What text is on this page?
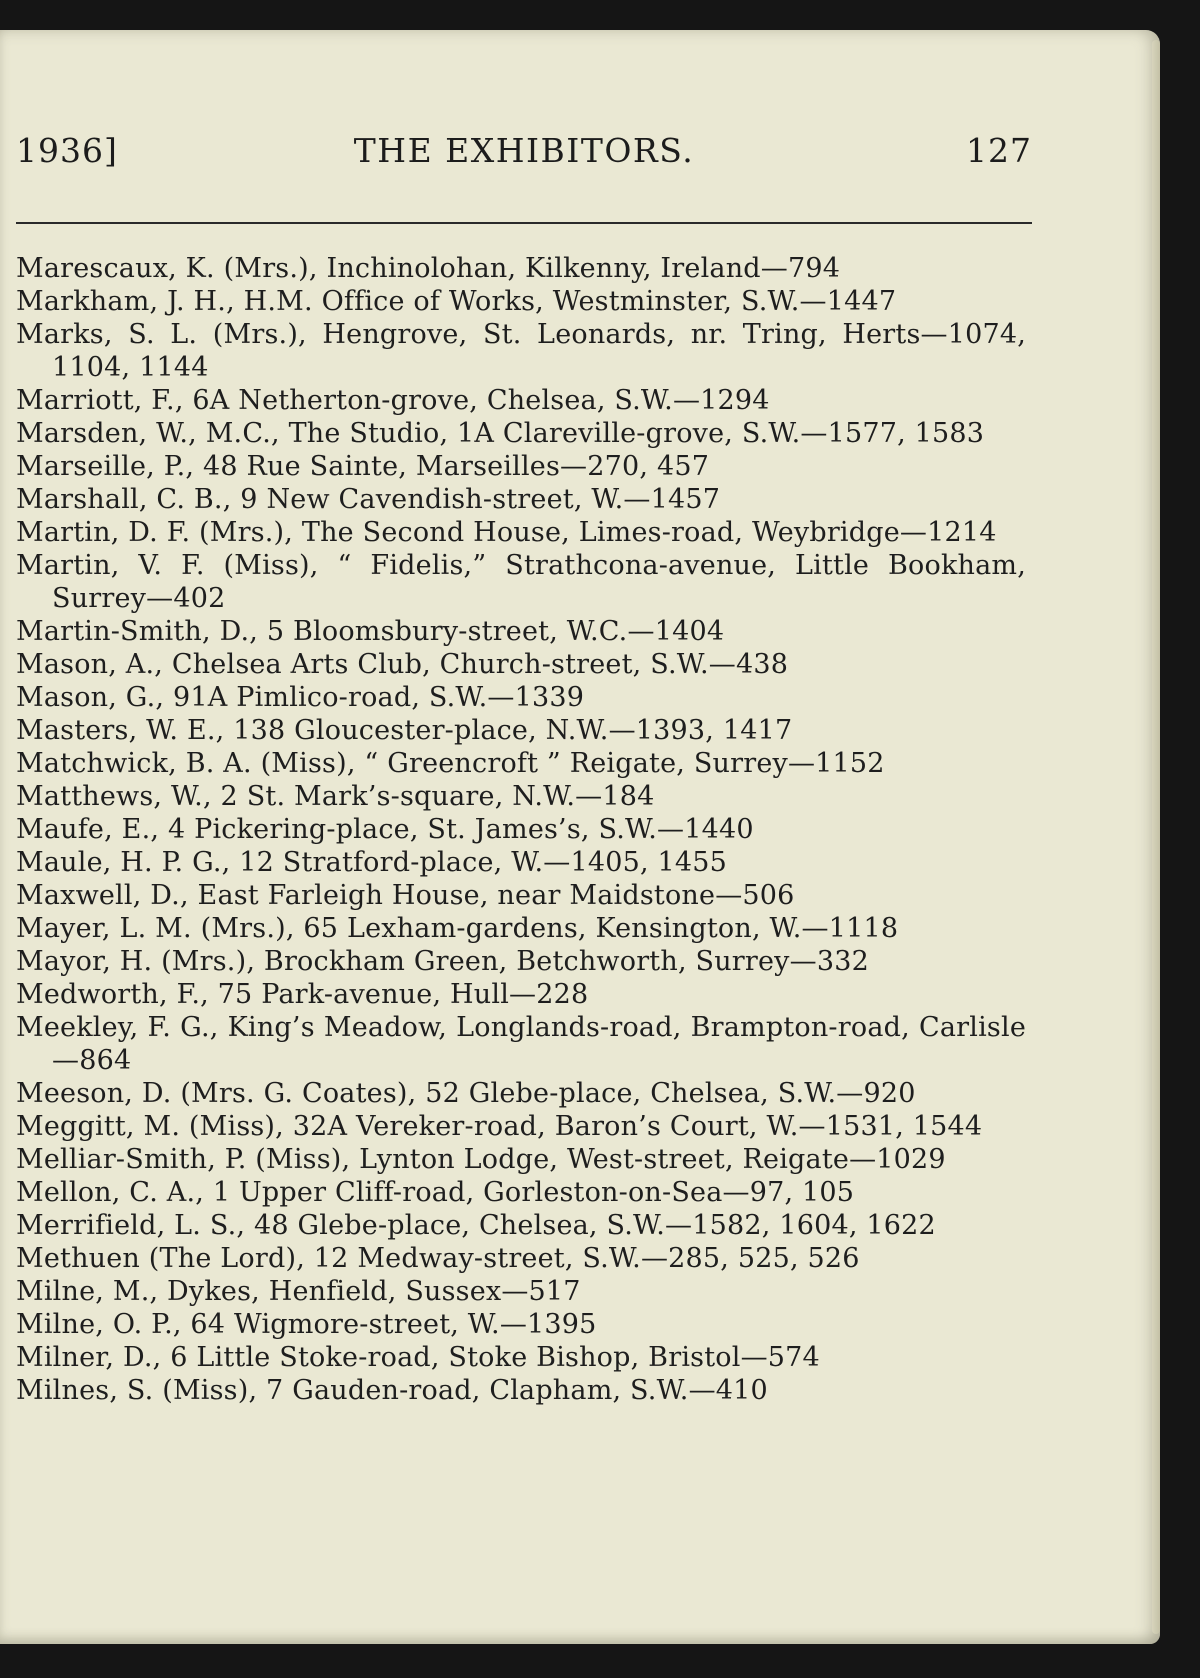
1936]	THE EXHIBITORS.	127
Marescaux, K. (Mrs.), Inchinolohan, Kilkenny, Ireland—794
Markham, J. H., H.M. Office of Works, Westminster, S.W.—1447
Marks, S. L. (Mrs.), Hengrove, St. Leonards, nr. Tring, Herts—1074, 1104, 1144
Marriott, F., 6A Netherton-grove, Chelsea, S.W.—1294
Marsden, W., M.C., The Studio, 1A Clareville-grove, S.W.—1577, 1583
Marseille, P., 48 Rue Sainte, Marseilles—270, 457
Marshall, C. B., 9 New Cavendish-street, W.—1457
Martin, D. F. (Mrs.), The Second House, Limes-road, Weybridge—1214
Martin, V. F. (Miss), “ Fidelis,” Strathcona-avenue, Little Bookham, Surrey—402
Martin-Smith, D., 5 Bloomsbury-street, W.C.—1404
Mason, A., Chelsea Arts Club, Church-street, S.W.—438
Mason, G., 91A Pimlico-road, S.W.—1339
Masters, W. E., 138 Gloucester-place, N.W.—1393, 1417
Matchwick, B. A. (Miss), “ Greencroft ” Reigate, Surrey—1152
Matthews, W., 2 St. Mark’s-square, N.W.—184
Maufe, E., 4 Pickering-place, St. James’s, S.W.—1440
Maule, H. P. G., 12 Stratford-place, W.—1405, 1455
Maxwell, D., East Farleigh House, near Maidstone—506
Mayer, L. M. (Mrs.), 65 Lexham-gardens, Kensington, W.—1118
Mayor, H. (Mrs.), Brockham Green, Betchworth, Surrey—332
Medworth, F., 75 Park-avenue, Hull—228
Meekley, F. G., King’s Meadow, Longlands-road, Brampton-road, Carlisle—864
Meeson, D. (Mrs. G. Coates), 52 Glebe-place, Chelsea, S.W.—920
Meggitt, M. (Miss), 32A Vereker-road, Baron’s Court, W.—1531, 1544
Melliar-Smith, P. (Miss), Lynton Lodge, West-street, Reigate—1029
Mellon, C. A., 1 Upper Cliff-road, Gorleston-on-Sea—97, 105
Merrifield, L. S., 48 Glebe-place, Chelsea, S.W.—1582, 1604, 1622
Methuen (The Lord), 12 Medway-street, S.W.—285, 525, 526
Milne, M., Dykes, Henfield, Sussex—517
Milne, O. P., 64 Wigmore-street, W.—1395
Milner, D., 6 Little Stoke-road, Stoke Bishop, Bristol—574
Milnes, S. (Miss), 7 Gauden-road, Clapham, S.W.—410
